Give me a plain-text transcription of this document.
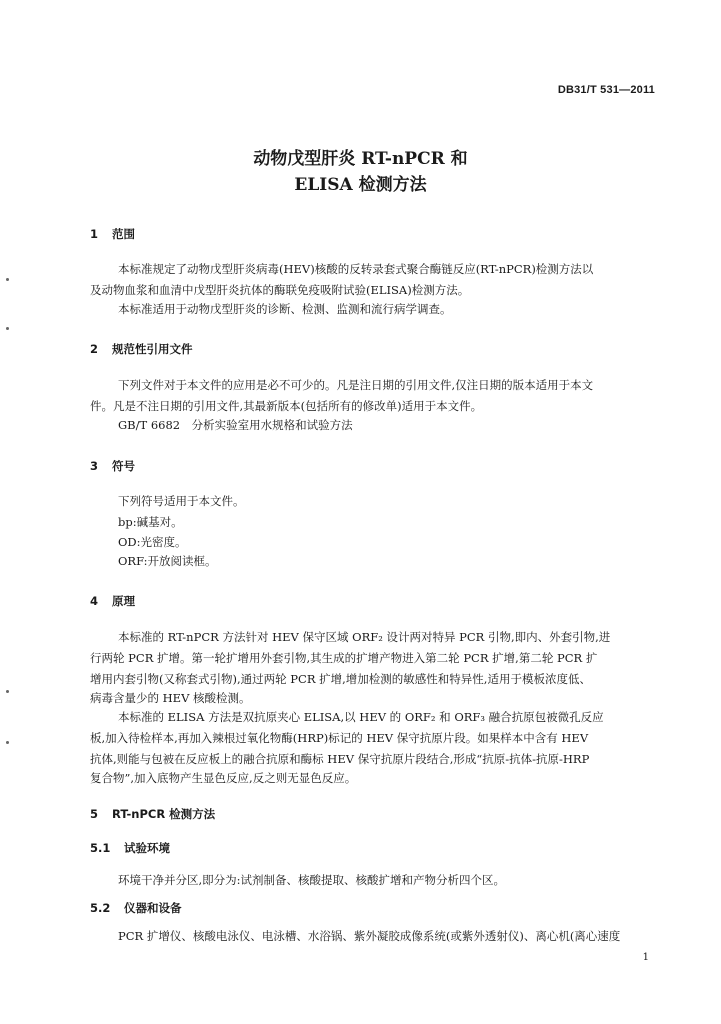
DB31/T 531—2011
动物戊型肝炎 RT-nPCR 和
ELISA 检测方法
1 范围
本标准规定了动物戊型肝炎病毒(HEV)核酸的反转录套式聚合酶链反应(RT-nPCR)检测方法以
及动物血浆和血清中戊型肝炎抗体的酶联免疫吸附试验(ELISA)检测方法。
本标准适用于动物戊型肝炎的诊断、检测、监测和流行病学调查。
2 规范性引用文件
下列文件对于本文件的应用是必不可少的。凡是注日期的引用文件,仅注日期的版本适用于本文
件。凡是不注日期的引用文件,其最新版本(包括所有的修改单)适用于本文件。
GB/T 6682　分析实验室用水规格和试验方法
3 符号
下列符号适用于本文件。
bp:碱基对。
OD:光密度。
ORF:开放阅读框。
4 原理
本标准的 RT-nPCR 方法针对 HEV 保守区域 ORF₂ 设计两对特异 PCR 引物,即内、外套引物,进
行两轮 PCR 扩增。第一轮扩增用外套引物,其生成的扩增产物进入第二轮 PCR 扩增,第二轮 PCR 扩
增用内套引物(又称套式引物),通过两轮 PCR 扩增,增加检测的敏感性和特异性,适用于模板浓度低、
病毒含量少的 HEV 核酸检测。
本标准的 ELISA 方法是双抗原夹心 ELISA,以 HEV 的 ORF₂ 和 ORF₃ 融合抗原包被微孔反应
板,加入待检样本,再加入辣根过氧化物酶(HRP)标记的 HEV 保守抗原片段。如果样本中含有 HEV
抗体,则能与包被在反应板上的融合抗原和酶标 HEV 保守抗原片段结合,形成“抗原-抗体-抗原-HRP
复合物”,加入底物产生显色反应,反之则无显色反应。
5 RT-nPCR 检测方法
5.1 试验环境
环境干净并分区,即分为:试剂制备、核酸提取、核酸扩增和产物分析四个区。
5.2 仪器和设备
PCR 扩增仪、核酸电泳仪、电泳槽、水浴锅、紫外凝胶成像系统(或紫外透射仪)、离心机(离心速度
1
